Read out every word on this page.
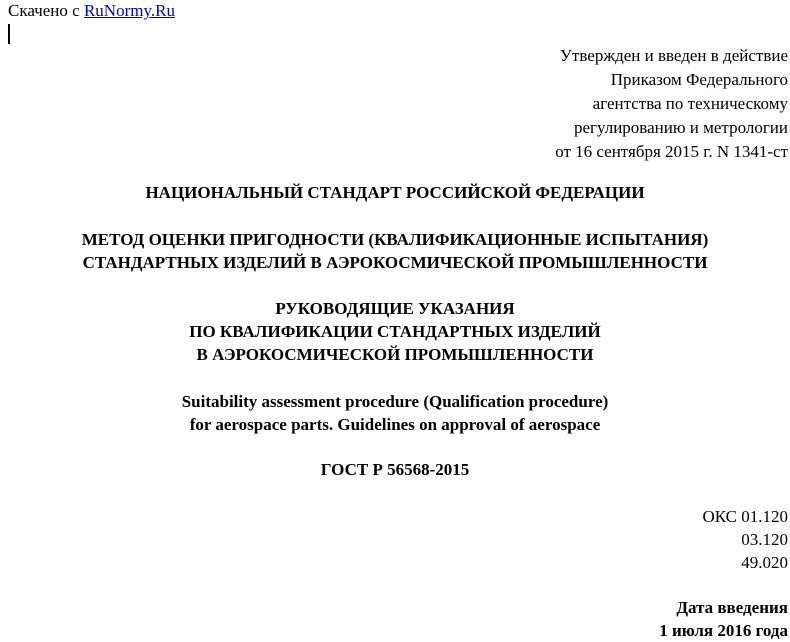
Скачено с RuNormy.Ru
Утвержден и введен в действие
Приказом Федерального
агентства по техническому
регулированию и метрологии
от 16 сентября 2015 г. N 1341-ст
НАЦИОНАЛЬНЫЙ СТАНДАРТ РОССИЙСКОЙ ФЕДЕРАЦИИ
МЕТОД ОЦЕНКИ ПРИГОДНОСТИ (КВАЛИФИКАЦИОННЫЕ ИСПЫТАНИЯ)
СТАНДАРТНЫХ ИЗДЕЛИЙ В АЭРОКОСМИЧЕСКОЙ ПРОМЫШЛЕННОСТИ
РУКОВОДЯЩИЕ УКАЗАНИЯ
ПО КВАЛИФИКАЦИИ СТАНДАРТНЫХ ИЗДЕЛИЙ
В АЭРОКОСМИЧЕСКОЙ ПРОМЫШЛЕННОСТИ
Suitability assessment procedure (Qualification procedure)
for aerospace parts. Guidelines on approval of aerospace
ГОСТ Р 56568-2015
ОКС 01.120
03.120
49.020
Дата введения
1 июля 2016 года
